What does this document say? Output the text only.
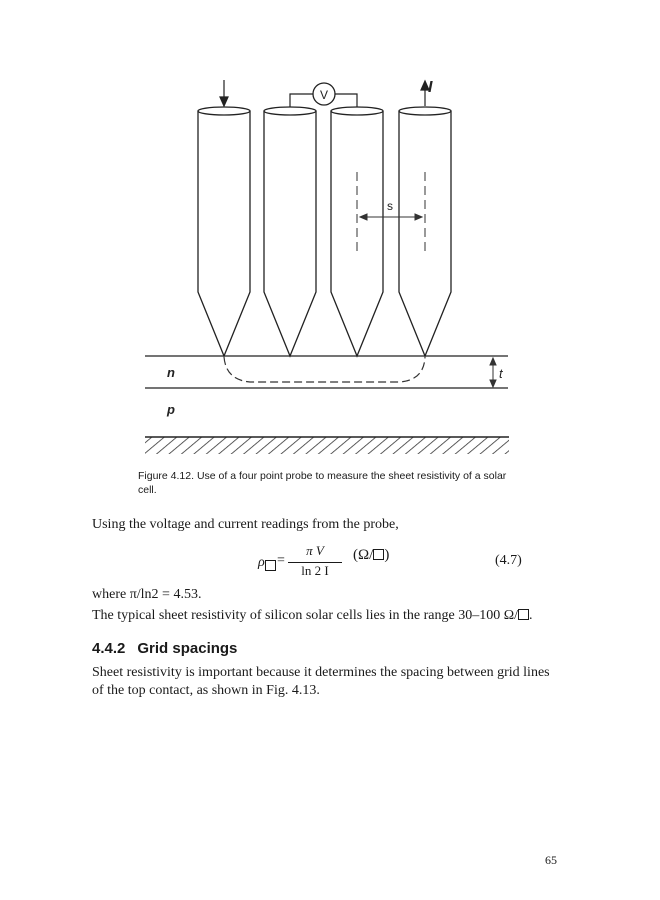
I
V
s
t
n
p
Figure 4.12. Use of a four point probe to measure the sheet resistivity of a solar cell.
Using the voltage and current readings from the probe,
ρ =
π V
ln 2 I
(Ω/ )	(4.7)
where π/ln2 = 4.53.
The typical sheet resistivity of silicon solar cells lies in the range 30–100 Ω/ .
4.4.2 Grid spacings
Sheet resistivity is important because it determines the spacing between grid lines of the top contact, as shown in Fig. 4.13.
65
